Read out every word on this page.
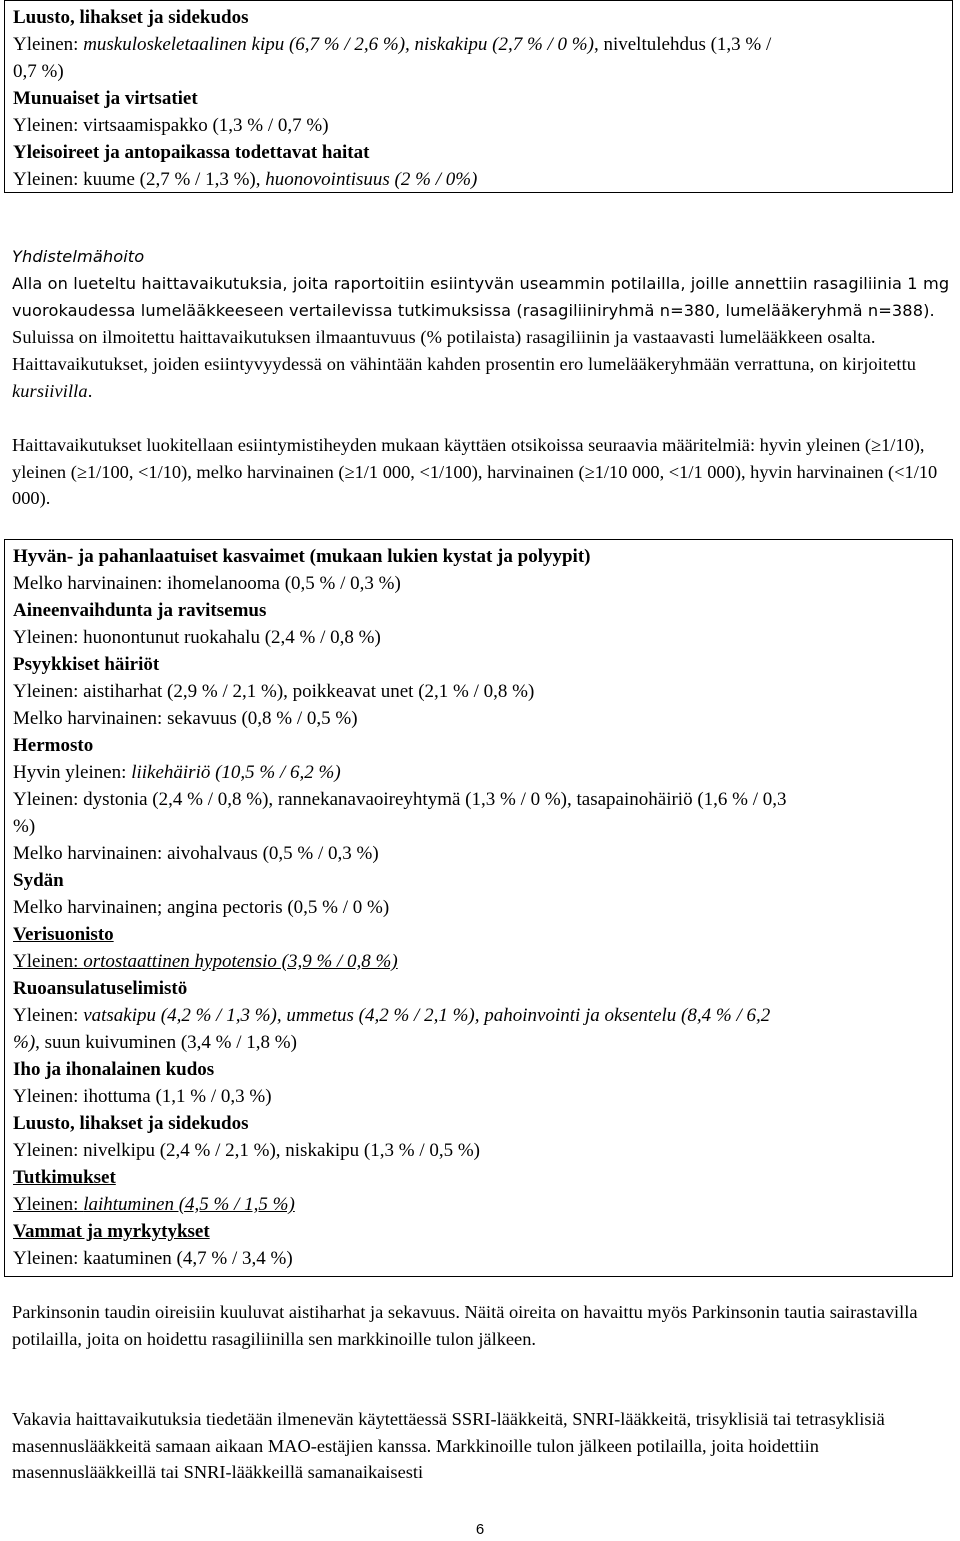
Luusto, lihakset ja sidekudos

Yleinen: muskuloskeletaalinen kipu (6,7 % / 2,6 %), niskakipu (2,7 % / 0 %), niveltulehdus (1,3 % /

0,7 %)

Munuaiset ja virtsatiet

Yleinen: virtsaamispakko (1,3 % / 0,7 %)

Yleisoireet ja antopaikassa todettavat haitat

Yleinen: kuume (2,7 % / 1,3 %), huonovointisuus (2 % / 0%)

Yhdistelmähoito

Alla on lueteltu haittavaikutuksia, joita raportoitiin esiintyvän useammin potilailla, joille annettiin rasagiliinia 1 mg vuorokaudessa lumelääkkeeseen vertailevissa tutkimuksissa (rasagiliiniryhmä n=380, lumelääkeryhmä n=388). Suluissa on ilmoitettu haittavaikutuksen ilmaantuvuus (% potilaista) rasagiliinin ja vastaavasti lumelääkkeen osalta. Haittavaikutukset, joiden esiintyvyydessä on vähintään kahden prosentin ero lumelääkeryhmään verrattuna, on kirjoitettu kursiivilla.

Haittavaikutukset luokitellaan esiintymistiheyden mukaan käyttäen otsikoissa seuraavia määritelmiä: hyvin yleinen (≥1/10), yleinen (≥1/100, <1/10), melko harvinainen (≥1/1 000, <1/100), harvinainen (≥1/10 000, <1/1 000), hyvin harvinainen (<1/10 000).

Hyvän- ja pahanlaatuiset kasvaimet (mukaan lukien kystat ja polyypit)

Melko harvinainen: ihomelanooma (0,5 % / 0,3 %)

Aineenvaihdunta ja ravitsemus

Yleinen: huonontunut ruokahalu (2,4 % / 0,8 %)

Psyykkiset häiriöt

Yleinen: aistiharhat (2,9 % / 2,1 %), poikkeavat unet (2,1 % / 0,8 %)

Melko harvinainen: sekavuus (0,8 % / 0,5 %)

Hermosto

Hyvin yleinen: liikehäiriö (10,5 % / 6,2 %)

Yleinen: dystonia (2,4 % / 0,8 %), rannekanavaoireyhtymä (1,3 % / 0 %), tasapainohäiriö (1,6 % / 0,3

%)

Melko harvinainen: aivohalvaus (0,5 % / 0,3 %)

Sydän

Melko harvinainen; angina pectoris (0,5 % / 0 %)

Verisuonisto

Yleinen: ortostaattinen hypotensio (3,9 % / 0,8 %)

Ruoansulatuselimistö

Yleinen: vatsakipu (4,2 % / 1,3 %), ummetus (4,2 % / 2,1 %), pahoinvointi ja oksentelu (8,4 % / 6,2

%), suun kuivuminen (3,4 % / 1,8 %)

Iho ja ihonalainen kudos

Yleinen: ihottuma (1,1 % / 0,3 %)

Luusto, lihakset ja sidekudos

Yleinen: nivelkipu (2,4 % / 2,1 %), niskakipu (1,3 % / 0,5 %)

Tutkimukset

Yleinen: laihtuminen (4,5 % / 1,5 %)

Vammat ja myrkytykset

Yleinen: kaatuminen (4,7 % / 3,4 %)

Parkinsonin taudin oireisiin kuuluvat aistiharhat ja sekavuus. Näitä oireita on havaittu myös Parkinsonin tautia sairastavilla potilailla, joita on hoidettu rasagiliinilla sen markkinoille tulon jälkeen.

Vakavia haittavaikutuksia tiedetään ilmenevän käytettäessä SSRI-lääkkeitä, SNRI-lääkkeitä, trisyklisiä tai tetrasyklisiä masennuslääkkeitä samaan aikaan MAO-estäjien kanssa. Markkinoille tulon jälkeen potilailla, joita hoidettiin masennuslääkkeillä tai SNRI-lääkkeillä samanaikaisesti

6
